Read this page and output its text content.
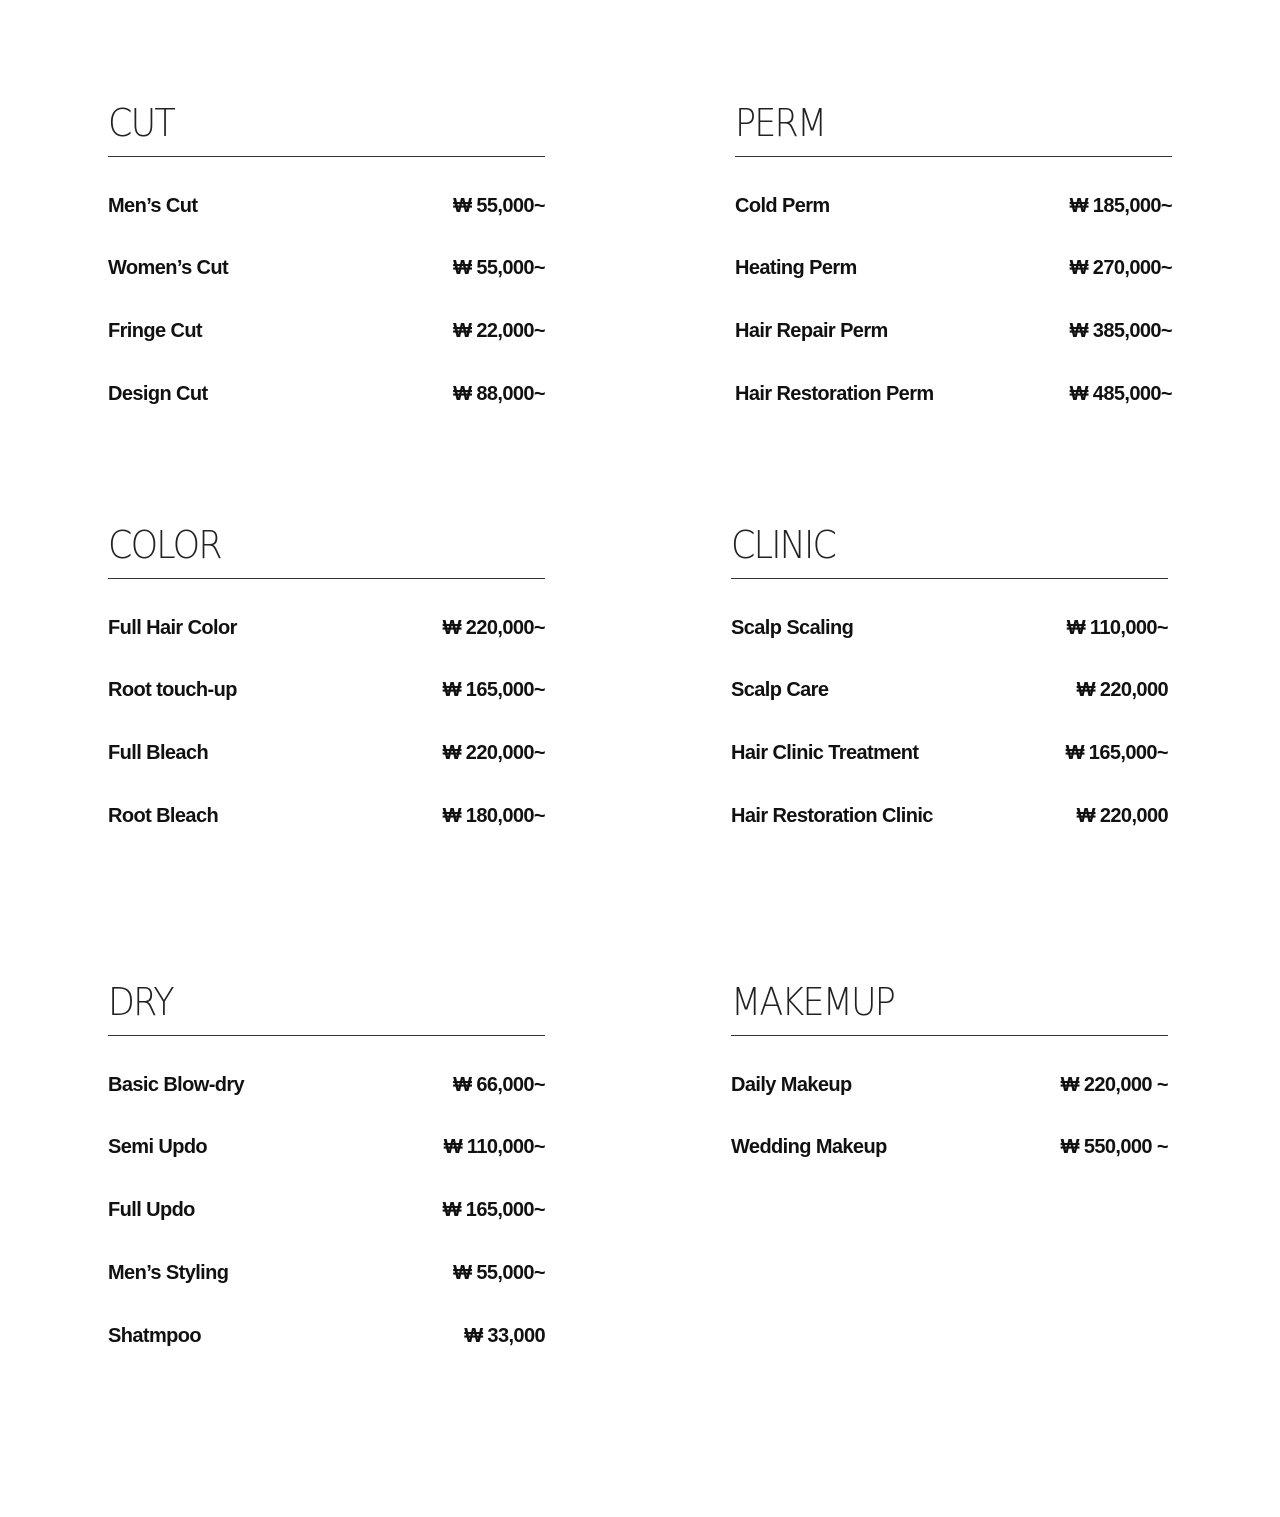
CUT
Men’s Cut	₩ 55,000~
Women’s Cut	₩ 55,000~
Fringe Cut	₩ 22,000~
Design Cut	₩ 88,000~
PERM
Cold Perm	₩ 185,000~
Heating Perm	₩ 270,000~
Hair Repair Perm	₩ 385,000~
Hair Restoration Perm	₩ 485,000~
COLOR
Full Hair Color	₩ 220,000~
Root touch-up	₩ 165,000~
Full Bleach	₩ 220,000~
Root Bleach	₩ 180,000~
CLINIC
Scalp Scaling	₩ 110,000~
Scalp Care	₩ 220,000
Hair Clinic Treatment	₩ 165,000~
Hair Restoration Clinic	₩ 220,000
DRY
Basic Blow-dry	₩ 66,000~
Semi Updo	₩ 110,000~
Full Updo	₩ 165,000~
Men’s Styling	₩ 55,000~
Shatmpoo	₩ 33,000
MAKEMUP
Daily Makeup	₩ 220,000 ~
Wedding Makeup	₩ 550,000 ~
